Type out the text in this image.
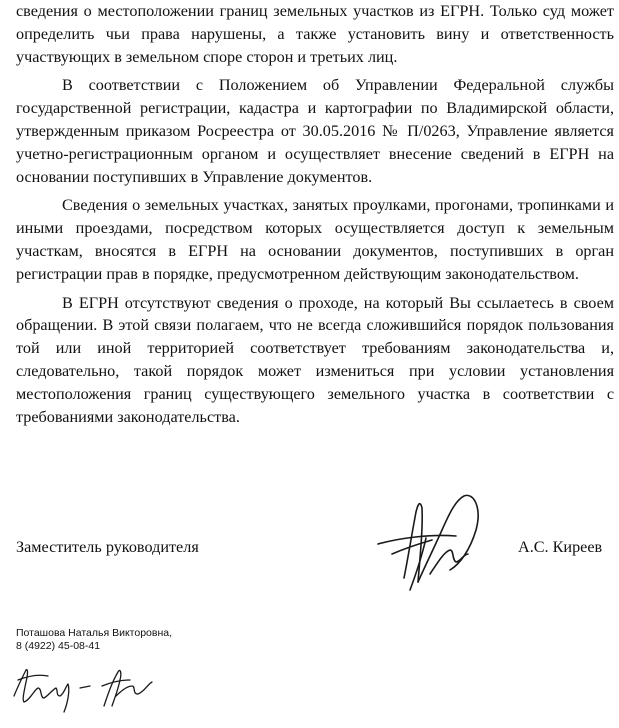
сведения о местоположении границ земельных участков из ЕГРН. Только суд может определить чьи права нарушены, а также установить вину и ответственность участвующих в земельном споре сторон и третьих лиц.

В соответствии с Положением об Управлении Федеральной службы государственной регистрации, кадастра и картографии по Владимирской области, утвержденным приказом Росреестра от 30.05.2016 № П/0263, Управление является учетно-регистрационным органом и осуществляет внесение сведений в ЕГРН на основании поступивших в Управление документов.

Сведения о земельных участках, занятых проулками, прогонами, тропинками и иными проездами, посредством которых осуществляется доступ к земельным участкам, вносятся в ЕГРН на основании документов, поступивших в орган регистрации прав в порядке, предусмотренном действующим законодательством.

В ЕГРН отсутствуют сведения о проходе, на который Вы ссылаетесь в своем обращении. В этой связи полагаем, что не всегда сложившийся порядок пользования той или иной территорией соответствует требованиям законодательства и, следовательно, такой порядок может измениться при условии установления местоположения границ существующего земельного участка в соответствии с требованиями законодательства.

Заместитель руководителя	А.С. Киреев
Поташова Наталья Викторовна,
8 (4922) 45-08-41
